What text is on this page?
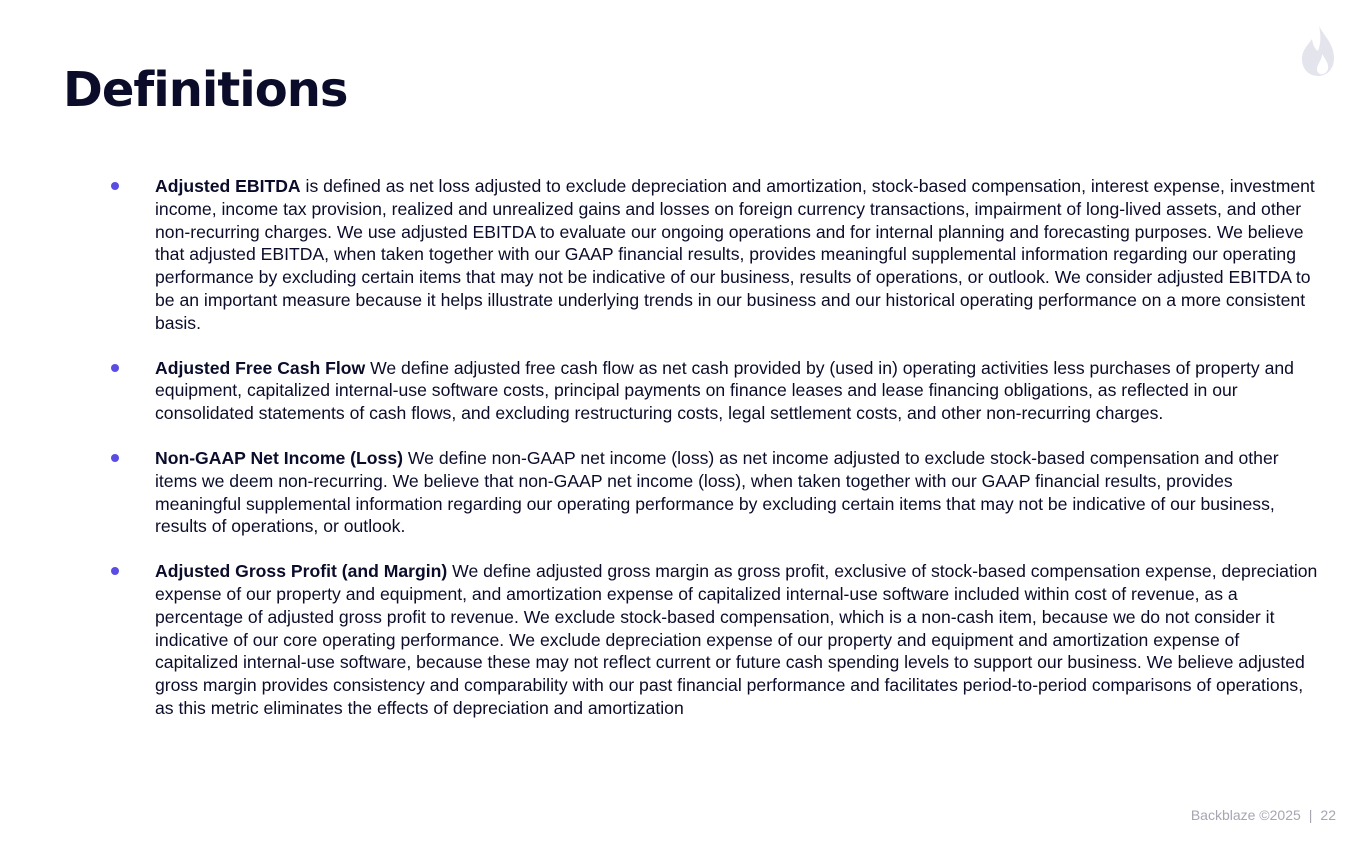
Definitions
Adjusted EBITDA is defined as net loss adjusted to exclude depreciation and amortization, stock-based compensation, interest expense, investment income, income tax provision, realized and unrealized gains and losses on foreign currency transactions, impairment of long-lived assets, and other non-recurring charges. We use adjusted EBITDA to evaluate our ongoing operations and for internal planning and forecasting purposes. We believe that adjusted EBITDA, when taken together with our GAAP financial results, provides meaningful supplemental information regarding our operating performance by excluding certain items that may not be indicative of our business, results of operations, or outlook. We consider adjusted EBITDA to be an important measure because it helps illustrate underlying trends in our business and our historical operating performance on a more consistent basis.
Adjusted Free Cash Flow We define adjusted free cash flow as net cash provided by (used in) operating activities less purchases of property and equipment, capitalized internal-use software costs, principal payments on finance leases and lease financing obligations, as reflected in our consolidated statements of cash flows, and excluding restructuring costs, legal settlement costs, and other non-recurring charges.
Non-GAAP Net Income (Loss) We define non-GAAP net income (loss) as net income adjusted to exclude stock-based compensation and other items we deem non-recurring. We believe that non-GAAP net income (loss), when taken together with our GAAP financial results, provides meaningful supplemental information regarding our operating performance by excluding certain items that may not be indicative of our business, results of operations, or outlook.
Adjusted Gross Profit (and Margin) We define adjusted gross margin as gross profit, exclusive of stock-based compensation expense, depreciation expense of our property and equipment, and amortization expense of capitalized internal-use software included within cost of revenue, as a percentage of adjusted gross profit to revenue. We exclude stock-based compensation, which is a non-cash item, because we do not consider it indicative of our core operating performance. We exclude depreciation expense of our property and equipment and amortization expense of capitalized internal-use software, because these may not reflect current or future cash spending levels to support our business. We believe adjusted gross margin provides consistency and comparability with our past financial performance and facilitates period-to-period comparisons of operations, as this metric eliminates the effects of depreciation and amortization
Backblaze ©2025 | 22
